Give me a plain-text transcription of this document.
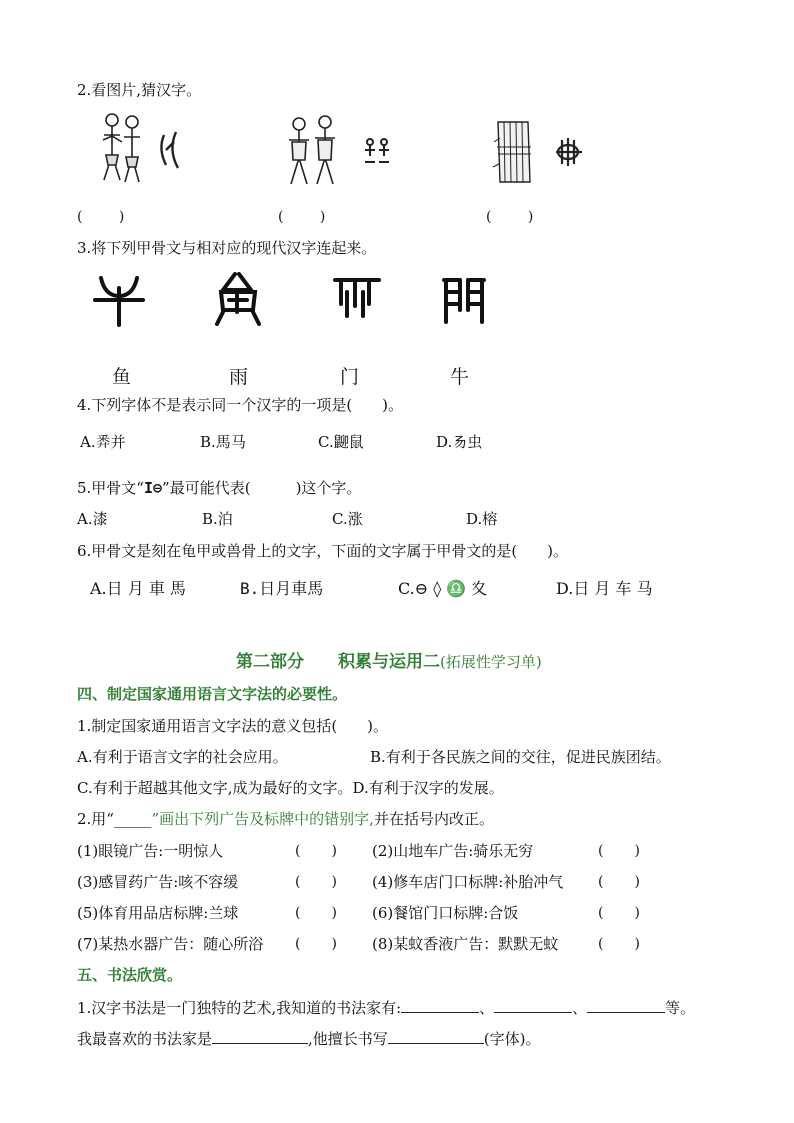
2.看图片,猜汉字。
(　　 )	(　　 )	(　　 )
3.将下列甲骨文与相对应的现代汉字连起来。
鱼	雨	门	牛
4.下列字体不是表示同一个汉字的一项是(　　)。
A.𢍏并	B.馬马	C.𪕋鼠	D.𠃓虫
5.甲骨文“Ι⊖”最可能代表(　　　)这个字。
A.漆	B.泊	C.涨	D.榕
6.甲骨文是刻在龟甲或兽骨上的文字，下面的文字属于甲骨文的是(　　)。
A.日 月 車 馬	B.日月車馬	C.⊖ ◊ ♎ ⼢	D.日 月 车 马
第二部分　　积累与运用二(拓展性学习单)
四、制定国家通用语言文字法的必要性。
1.制定国家通用语言文字法的意义包括(　　)。
A.有利于语言文字的社会应用。	B.有利于各民族之间的交往，促进民族团结。
C.有利于超越其他文字,成为最好的文字。D.有利于汉字的发展。
2.用“_____”画出下列广告及标牌中的错别字,并在括号内改正。
(1)眼镜广告:一明惊人	(　　) (2)山地车广告:骑乐无穷	(　　)
(3)感冒药广告:咳不容缓	(　　) (4)修车店门口标牌:补胎冲气 (　　)
(5)体育用品店标牌:兰球	(　　) (6)餐馆门口标牌:合饭	(　　)
(7)某热水器广告：随心所浴 (　　) (8)某蚊香液广告：默默无蚊	(　　)
五、书法欣赏。
1.汉字书法是一门独特的艺术,我知道的书法家有:	、	、	等。
我最喜欢的书法家是	,他擅长书写	(字体)。
